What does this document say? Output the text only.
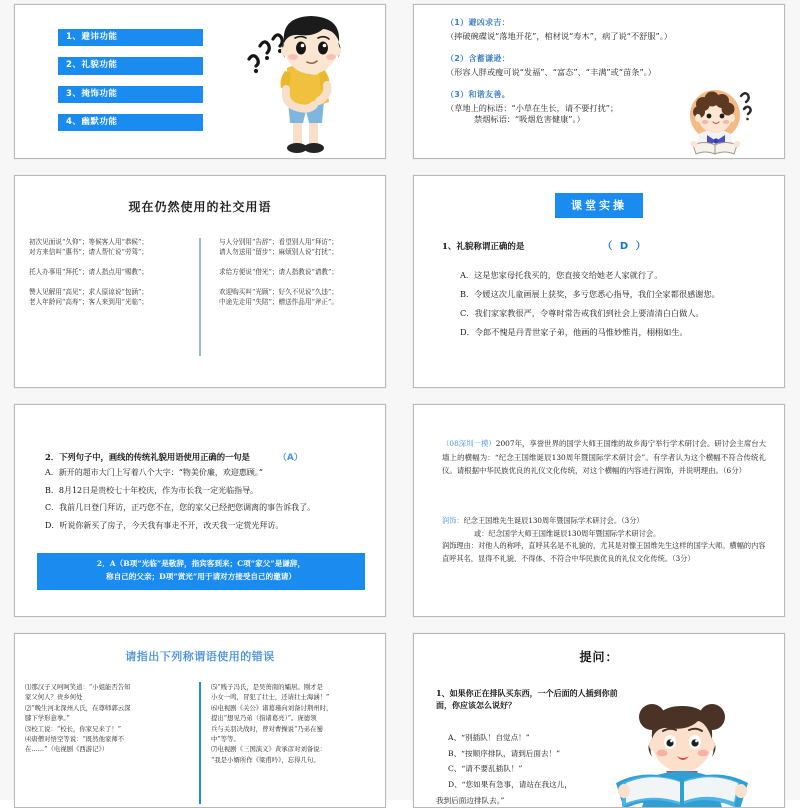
1、避讳功能
2、礼貌功能
3、掩饰功能
4、幽默功能
（1）避凶求吉：
（摔破碗碟说“落地开花”，棺材说“寿木”，病了说“不舒服”。）
（2）含蓄谦逊：
（形容人胖或瘦可说“发福”、“富态”、“丰满”或“苗条”。）
（3）和谐友善。
（草地上的标语：“小草在生长，请不要打扰”；
禁烟标语：“吸烟危害健康”。）
现在仍然使用的社交用语
初次见面说“久仰”；等候客人用“恭候”；
对方来信叫“惠书”；请人帮忙说“劳驾”；
托人办事用“拜托”；请人指点用“赐教”；
赞人见解用“高见”；求人原谅说“包涵”；
老人年龄问“高寿”；客人来到用“光临”；
与人分别用“告辞”；看望别人用“拜访”；
请人勿送用“留步”；麻烦别人说“打扰”；
求给方便说“借光”；请人指教说“请教”；
欢迎购买叫“光顾”；好久不见说“久违”；
中途先走用“失陪”；赠送作品用“斧正”。
课堂实操
1、礼貌称谓正确的是	（ D ）
A．这是您家母托我买的，您直接交给她老人家就行了。
B．令媛这次儿童画展上获奖，多亏您悉心指导，我们全家都很感谢您。
C．我们家家教很严，令尊时常告戒我们到社会上要清清白白做人。
D．令郎不愧是丹青世家子弟，他画的马惟妙惟肖，栩栩如生。
2．下列句子中，画线的传统礼貌用语使用正确的一句是	（A）
A．新开的超市大门上写着八个大字：“物美价廉，欢迎惠顾。”
B．8月12日是贵校七十年校庆，作为市长我一定光临指导。
C．我前几日登门拜访，正巧您不在，您的家父已经把您调离的事告诉我了。
D．听说你新买了房子，今天我有事走不开，改天我一定赏光拜访。
2．A（B项“光临”是敬辞，指宾客到来；C项“家父”是谦辞，
称自己的父亲；D项“赏光”用于请对方接受自己的邀请）
（08深圳一模）2007年，享誉世界的国学大师王国维的故乡海宁举行学术研讨会。研讨会主席台大墙上的横幅为：“纪念王国维诞辰130周年暨国际学术研讨会”。有学者认为这个横幅不符合传统礼仪。请根据中华民族优良的礼仪文化传统，对这个横幅的内容进行润饰，并说明理由。（6分）
润饰：纪念王国维先生诞辰130周年暨国际学术研讨会。（3分）
或：纪念国学大师王国维诞辰130周年暨国际学术研讨会。
润饰理由：对他人的称呼，直呼其名是不礼貌的，尤其是对像王国维先生这样的国学大师。横幅的内容直呼其名，显得不礼貌、不得体、不符合中华民族优良的礼仪文化传统。（3分）
请指出下列称谓语使用的错误
⑴那汉子又呵呵笑道：“小姐能否告知
家父何人？贵乡何处
⑵“晚生河北深州人氏，在尊师郭云深
膝下学形意拳。”
⑶校工说：“校长，你家兄来了！”
⑷唐僧对悟空等说：“既然他家师不
在……”（电视剧《西游记》）
⑸“贱子冯氏，是吴蒉南的孀居。刚才是
小女一鸣，冒犯了壮士，还请壮士海涵！”
⑹电视剧《关公》诸葛瑾向刘备讨荆州时，
提出“想见乃弟（指诸葛亮）”。庞德领
兵与关羽决战时，曾对曹操说“乃弟在蜀
中”等等。
⑺电视剧《三国演义》黄承彦对刘备说：
“我是小婿所作《梁甫吟》，忘得几句。
提问：
1、如果你正在排队买东西，一个后面的人插到你前面，你应该怎么说好？
A、“别插队！自觉点！”
B、“按顺序排队，请到后面去！”
C、“请不要乱插队！”
D、“您如果有急事，请站在我这儿，
我到后面边排队去。”
